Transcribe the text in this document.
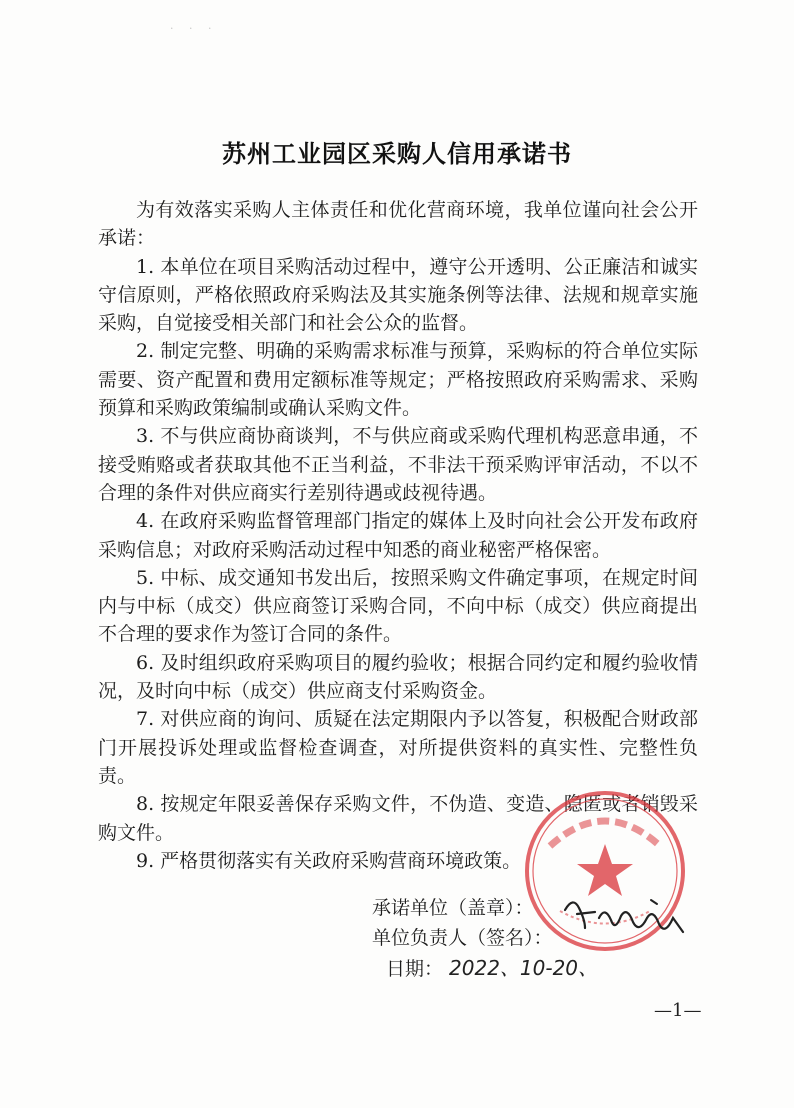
· · ·
苏州工业园区采购人信用承诺书

为有效落实采购人主体责任和优化营商环境，我单位谨向社会公开承诺：

1. 本单位在项目采购活动过程中，遵守公开透明、公正廉洁和诚实守信原则，严格依照政府采购法及其实施条例等法律、法规和规章实施采购，自觉接受相关部门和社会公众的监督。

2. 制定完整、明确的采购需求标准与预算，采购标的符合单位实际需要、资产配置和费用定额标准等规定；严格按照政府采购需求、采购预算和采购政策编制或确认采购文件。

3. 不与供应商协商谈判，不与供应商或采购代理机构恶意串通，不接受贿赂或者获取其他不正当利益，不非法干预采购评审活动，不以不合理的条件对供应商实行差别待遇或歧视待遇。

4. 在政府采购监督管理部门指定的媒体上及时向社会公开发布政府采购信息；对政府采购活动过程中知悉的商业秘密严格保密。

5. 中标、成交通知书发出后，按照采购文件确定事项，在规定时间内与中标（成交）供应商签订采购合同，不向中标（成交）供应商提出不合理的要求作为签订合同的条件。

6. 及时组织政府采购项目的履约验收；根据合同约定和履约验收情况，及时向中标（成交）供应商支付采购资金。

7. 对供应商的询问、质疑在法定期限内予以答复，积极配合财政部门开展投诉处理或监督检查调查，对所提供资料的真实性、完整性负责。

8. 按规定年限妥善保存采购文件，不伪造、变造、隐匿或者销毁采购文件。

9. 严格贯彻落实有关政府采购营商环境政策。

承诺单位（盖章）：
单位负责人（签名）：
日期： 2022、10-20、
—1—
